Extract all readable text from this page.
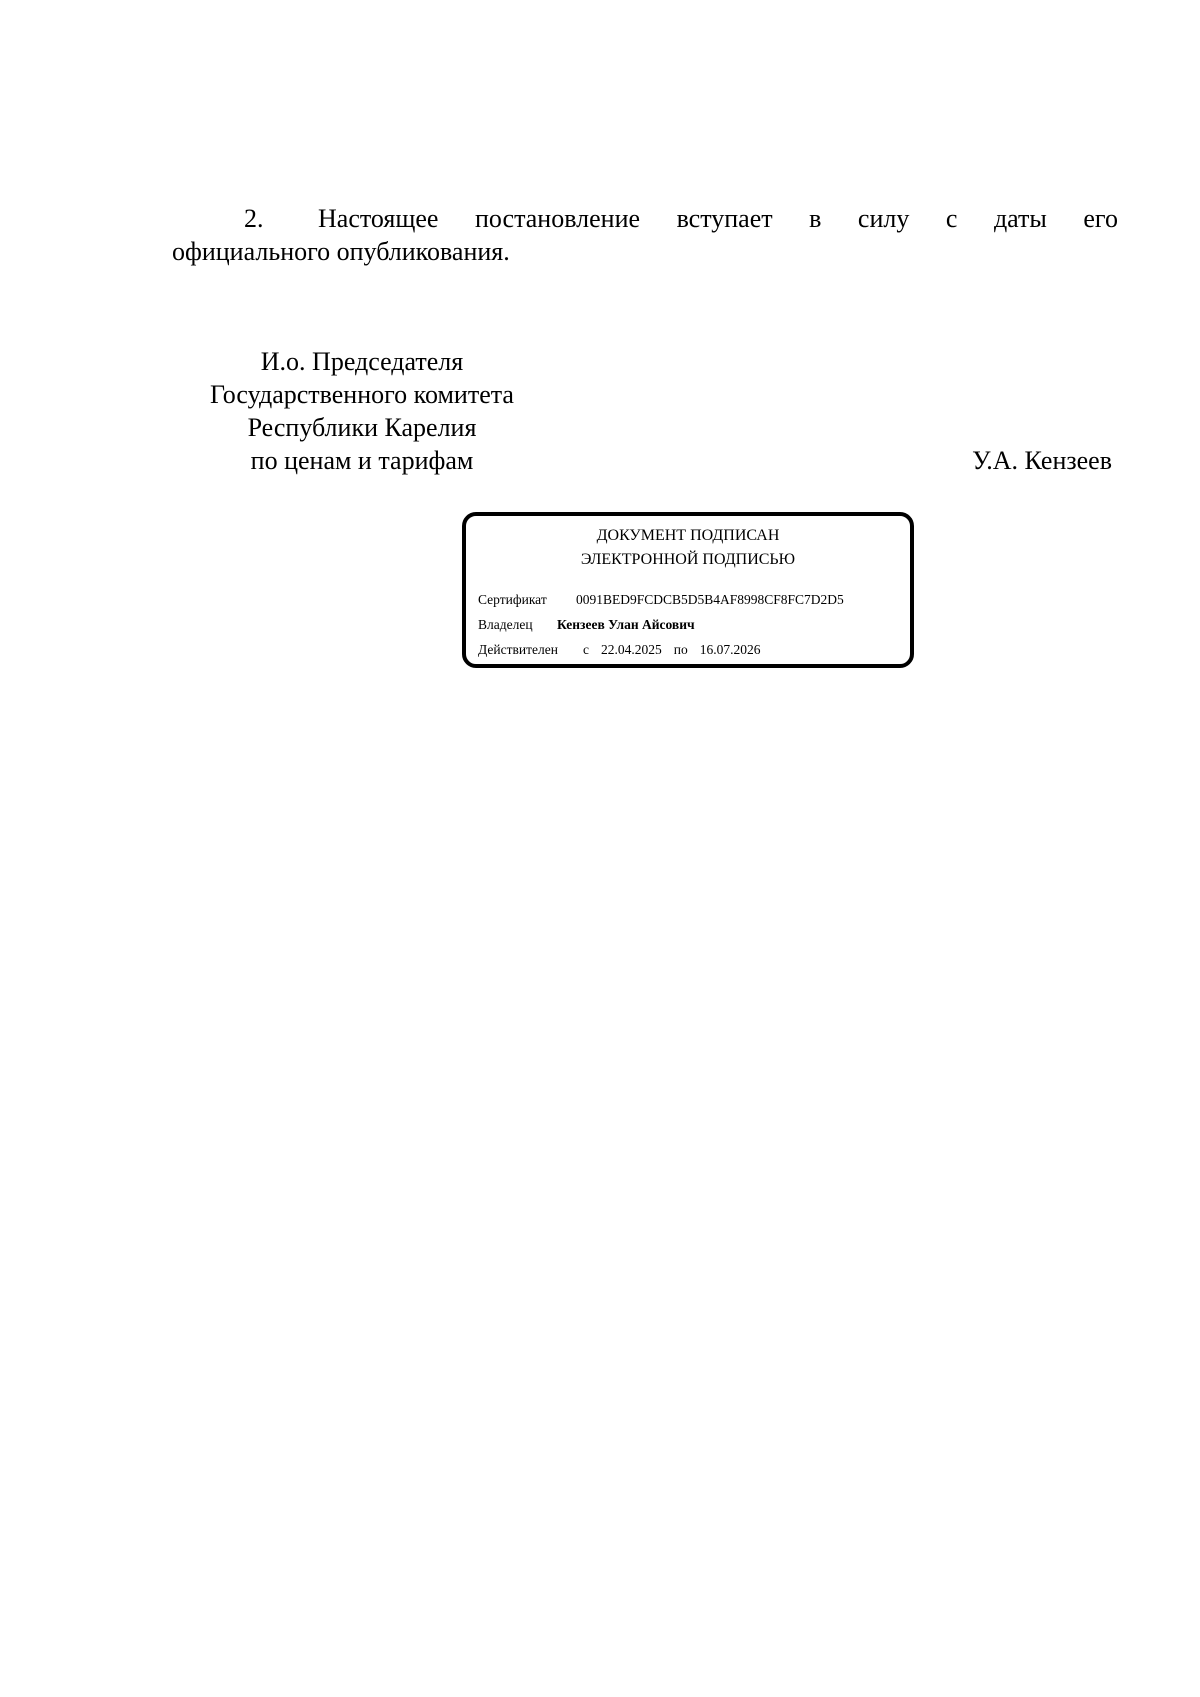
2. Настоящее постановление вступает в силу с даты его
официального опубликования.
И.о. Председателя
Государственного комитета
Республики Карелия
по ценам и тарифам	У.А. Кензеев
ДОКУМЕНТ ПОДПИСАН
ЭЛЕКТРОННОЙ ПОДПИСЬЮ
Сертификат 0091BED9FCDCB5D5B4AF8998CF8FC7D2D5
Владелец Кензеев Улан Айсович
Действителен с 22.04.2025 по 16.07.2026
